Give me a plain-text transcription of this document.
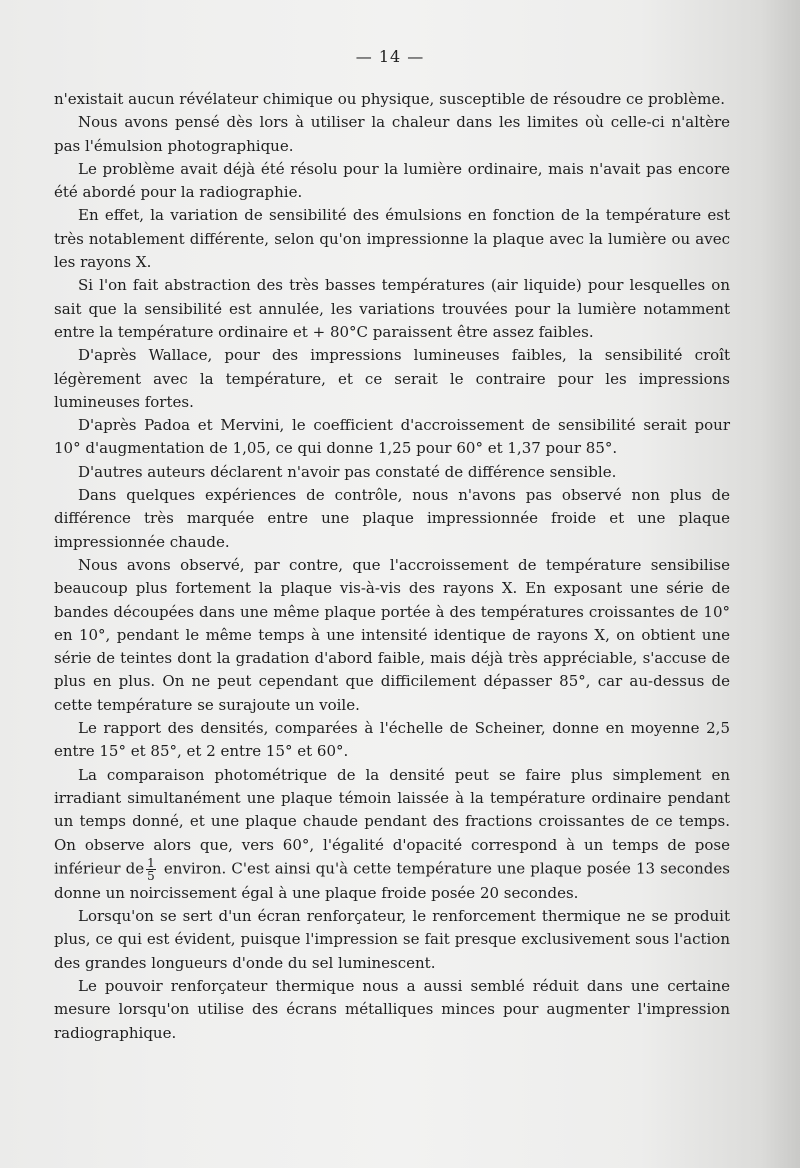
— 14 —

n'existait aucun révélateur chimique ou physique, susceptible de résoudre ce problème.

Nous avons pensé dès lors à utiliser la chaleur dans les limites où celle-ci n'altère pas l'émulsion photographique.

Le problème avait déjà été résolu pour la lumière ordinaire, mais n'avait pas encore été abordé pour la radiographie.

En effet, la variation de sensibilité des émulsions en fonction de la température est très notablement différente, selon qu'on impressionne la plaque avec la lumière ou avec les rayons X.

Si l'on fait abstraction des très basses températures (air liquide) pour lesquelles on sait que la sensibilité est annulée, les variations trouvées pour la lumière notamment entre la température ordinaire et + 80°C paraissent être assez faibles.

D'après Wallace, pour des impressions lumineuses faibles, la sensibilité croît légèrement avec la température, et ce serait le contraire pour les impressions lumineuses fortes.

D'après Padoa et Mervini, le coefficient d'accroissement de sensibilité serait pour 10° d'augmentation de 1,05, ce qui donne 1,25 pour 60° et 1,37 pour 85°.

D'autres auteurs déclarent n'avoir pas constaté de différence sensible.

Dans quelques expériences de contrôle, nous n'avons pas observé non plus de différence très marquée entre une plaque impressionnée froide et une plaque impressionnée chaude.

Nous avons observé, par contre, que l'accroissement de température sensibilise beaucoup plus fortement la plaque vis-à-vis des rayons X. En exposant une série de bandes découpées dans une même plaque portée à des températures croissantes de 10° en 10°, pendant le même temps à une intensité identique de rayons X, on obtient une série de teintes dont la gradation d'abord faible, mais déjà très appréciable, s'accuse de plus en plus. On ne peut cependant que difficilement dépasser 85°, car au-dessus de cette température se surajoute un voile.

Le rapport des densités, comparées à l'échelle de Scheiner, donne en moyenne 2,5 entre 15° et 85°, et 2 entre 15° et 60°.

La comparaison photométrique de la densité peut se faire plus simplement en irradiant simultanément une plaque témoin laissée à la température ordinaire pendant un temps donné, et une plaque chaude pendant des fractions croissantes de ce temps. On observe alors que, vers 60°, l'égalité d'opacité correspond à un temps de pose inférieur de $\frac{1}{5}$ environ. C'est ainsi qu'à cette température une plaque posée 13 secondes donne un noircissement égal à une plaque froide posée 20 secondes.

Lorsqu'on se sert d'un écran renforçateur, le renforcement thermique ne se produit plus, ce qui est évident, puisque l'impression se fait presque exclusivement sous l'action des grandes longueurs d'onde du sel luminescent.

Le pouvoir renforçateur thermique nous a aussi semblé réduit dans une certaine mesure lorsqu'on utilise des écrans métalliques minces pour augmenter l'impression radiographique.
